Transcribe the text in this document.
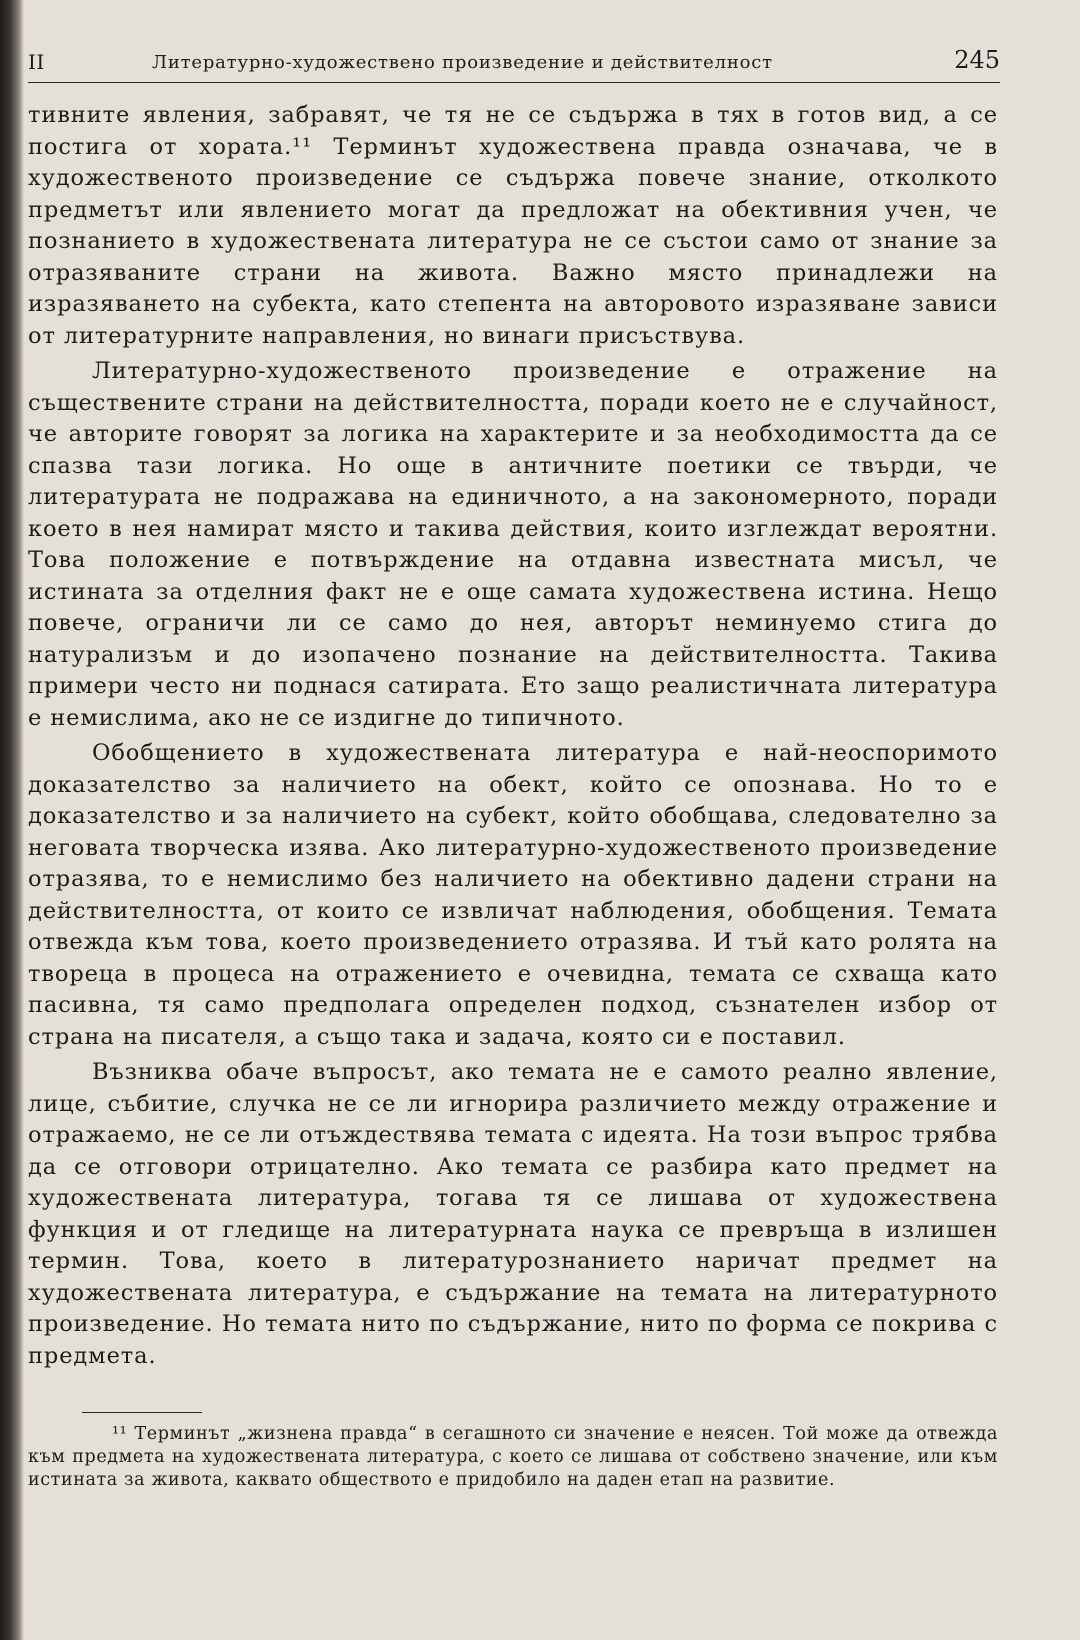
II	Литературно-художествено произведение и действителност	245

тивните явления, забравят, че тя не се съдържа в тях в готов вид, а се постига от хората.¹¹ Терминът художествена правда означава, че в художественото произведение се съдържа повече знание, отколкото предметът или явлението могат да предложат на обективния учен, че познанието в художествената литература не се състои само от знание за отразяваните страни на живота. Важно място принадлежи на изразяването на субекта, като степента на авторовото изразяване зависи от литературните направления, но винаги присъствува.

Литературно-художественото произведение е отражение на съществените страни на действителността, поради което не е случайност, че авторите говорят за логика на характерите и за необходимостта да се спазва тази логика. Но още в античните поетики се твърди, че литературата не подражава на единичното, а на закономерното, поради което в нея намират място и такива действия, които изглеждат вероятни. Това положение е потвърждение на отдавна известната мисъл, че истината за отделния факт не е още самата художествена истина. Нещо повече, ограничи ли се само до нея, авторът неминуемо стига до натурализъм и до изопачено познание на действителността. Такива примери често ни поднася сатирата. Ето защо реалистичната литература е немислима, ако не се издигне до типичното.

Обобщението в художествената литература е най-неоспоримото доказателство за наличието на обект, който се опознава. Но то е доказателство и за наличието на субект, който обобщава, следователно за неговата творческа изява. Ако литературно-художественото произведение отразява, то е немислимо без наличието на обективно дадени страни на действителността, от които се извличат наблюдения, обобщения. Темата отвежда към това, което произведението отразява. И тъй като ролята на твореца в процеса на отражението е очевидна, темата се схваща като пасивна, тя само предполага определен подход, съзнателен избор от страна на писателя, а също така и задача, която си е поставил.

Възниква обаче въпросът, ако темата не е самото реално явление, лице, събитие, случка не се ли игнорира различието между отражение и отражаемо, не се ли отъждествява темата с идеята. На този въпрос трябва да се отговори отрицателно. Ако темата се разбира като предмет на художествената литература, тогава тя се лишава от художествена функция и от гледище на литературната наука се превръща в излишен термин. Това, което в литературознанието наричат предмет на художествената литература, е съдържание на темата на литературното произведение. Но темата нито по съдържание, нито по форма се покрива с предмета.

¹¹ Терминът „жизнена правда“ в сегашното си значение е неясен. Той може да отвежда към предмета на художествената литература, с което се лишава от собствено значение, или към истината за живота, каквато обществото е придобило на даден етап на развитие.
